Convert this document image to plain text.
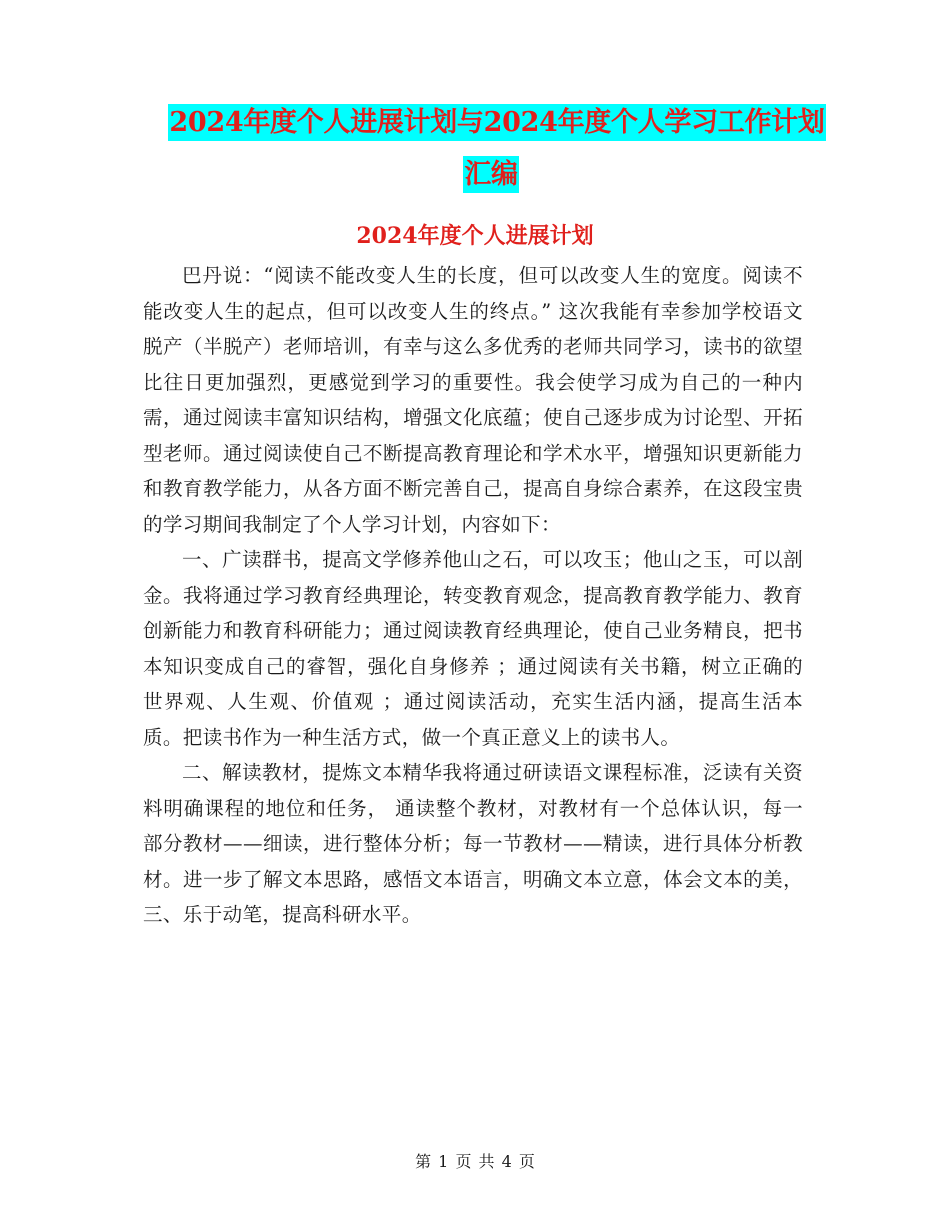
2024年度个人进展计划与2024年度个人学习工作计划
汇编
2024年度个人进展计划

巴丹说：“阅读不能改变人生的长度，但可以改变人生的宽度。阅读不能改变人生的起点，但可以改变人生的终点。” 这次我能有幸参加学校语文脱产（半脱产）老师培训，有幸与这么多优秀的老师共同学习，读书的欲望比往日更加强烈，更感觉到学习的重要性。我会使学习成为自己的一种内需，通过阅读丰富知识结构，增强文化底蕴；使自己逐步成为讨论型、开拓型老师。通过阅读使自己不断提高教育理论和学术水平，增强知识更新能力和教育教学能力，从各方面不断完善自己，提高自身综合素养，在这段宝贵的学习期间我制定了个人学习计划，内容如下：

一、广读群书，提高文学修养他山之石，可以攻玉；他山之玉，可以剖金。我将通过学习教育经典理论，转变教育观念，提高教育教学能力、教育创新能力和教育科研能力；通过阅读教育经典理论，使自己业务精良，把书本知识变成自己的睿智，强化自身修养 ；通过阅读有关书籍，树立正确的世界观、人生观、价值观 ；通过阅读活动，充实生活内涵，提高生活本质。把读书作为一种生活方式，做一个真正意义上的读书人。

二、解读教材，提炼文本精华我将通过研读语文课程标准，泛读有关资料明确课程的地位和任务， 通读整个教材，对教材有一个总体认识，每一部分教材——细读，进行整体分析；每一节教材——精读，进行具体分析教材。进一步了解文本思路，感悟文本语言，明确文本立意，体会文本的美，三、乐于动笔，提高科研水平。

第 1 页 共 4 页
